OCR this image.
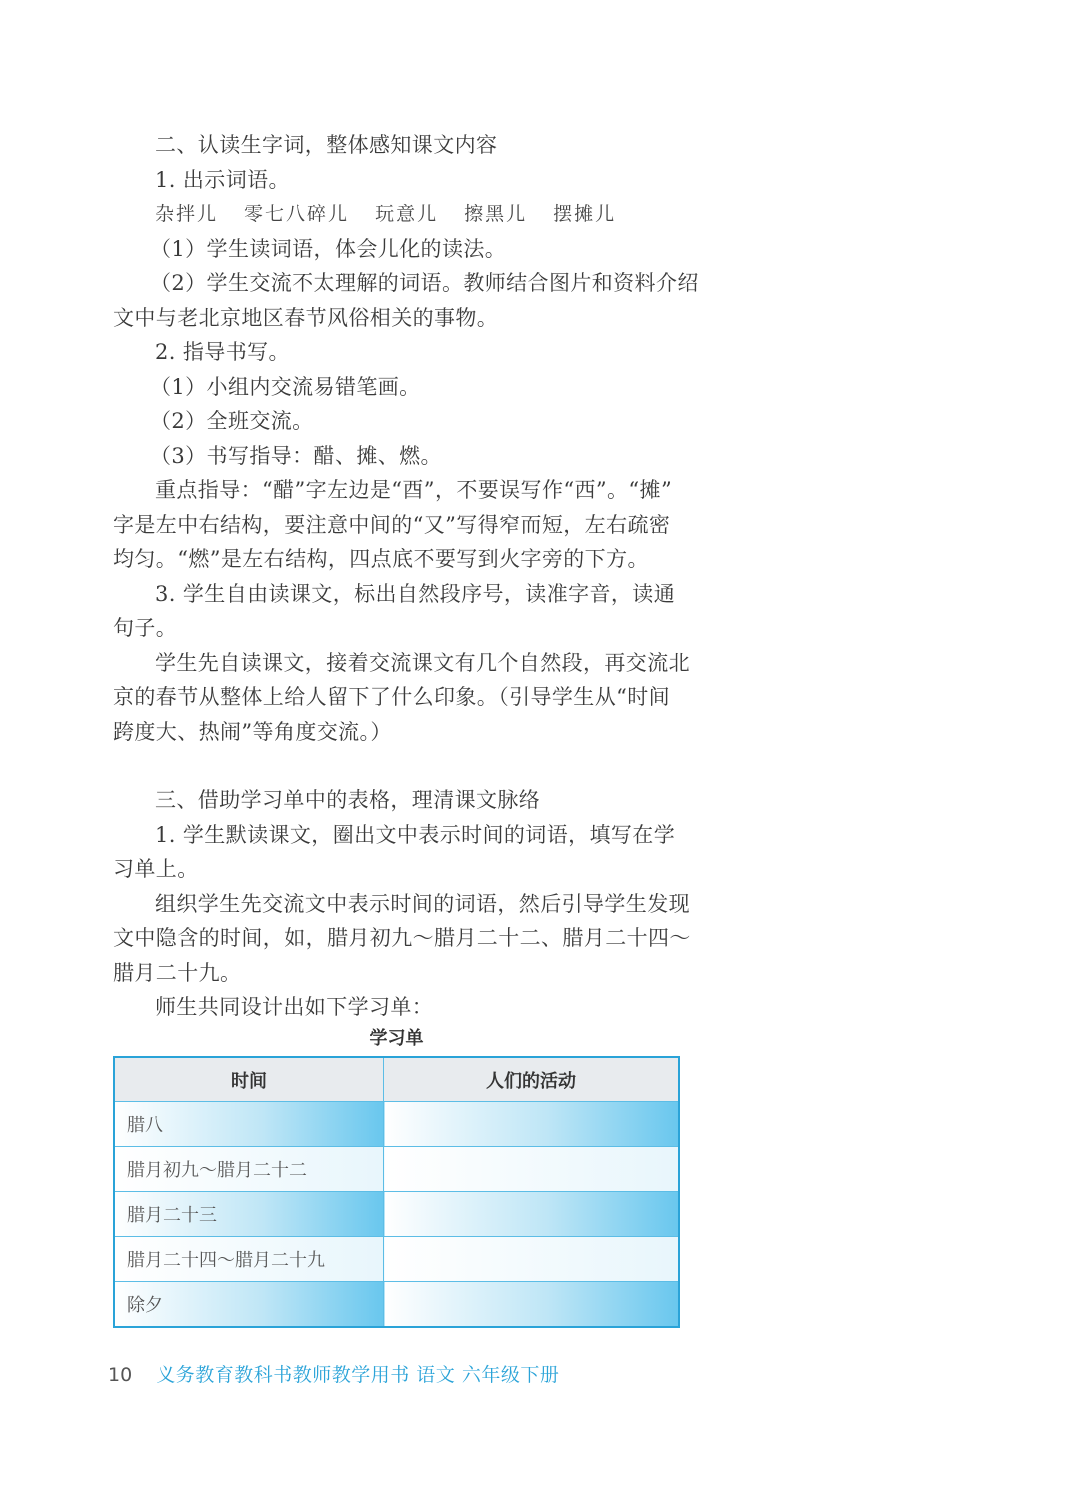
二、认读生字词，整体感知课文内容
1. 出示词语。
杂拌儿 零七八碎儿 玩意儿 擦黑儿 摆摊儿
（1）学生读词语，体会儿化的读法。
（2）学生交流不太理解的词语。教师结合图片和资料介绍
文中与老北京地区春节风俗相关的事物。
2. 指导书写。
（1）小组内交流易错笔画。
（2）全班交流。
（3）书写指导：醋、摊、燃。
重点指导：“醋”字左边是“酉”，不要误写作“西”。“摊”
字是左中右结构，要注意中间的“又”写得窄而短，左右疏密
均匀。“燃”是左右结构，四点底不要写到火字旁的下方。
3. 学生自由读课文，标出自然段序号，读准字音，读通
句子。
学生先自读课文，接着交流课文有几个自然段，再交流北
京的春节从整体上给人留下了什么印象。（引导学生从“时间
跨度大、热闹”等角度交流。）
三、借助学习单中的表格，理清课文脉络
1. 学生默读课文，圈出文中表示时间的词语，填写在学
习单上。
组织学生先交流文中表示时间的词语，然后引导学生发现
文中隐含的时间，如，腊月初九～腊月二十二、腊月二十四～
腊月二十九。
师生共同设计出如下学习单：
学习单
时间	人们的活动
腊八	
腊月初九～腊月二十二	
腊月二十三	
腊月二十四～腊月二十九	
除夕	
10 义务教育教科书教师教学用书 语文 六年级下册
